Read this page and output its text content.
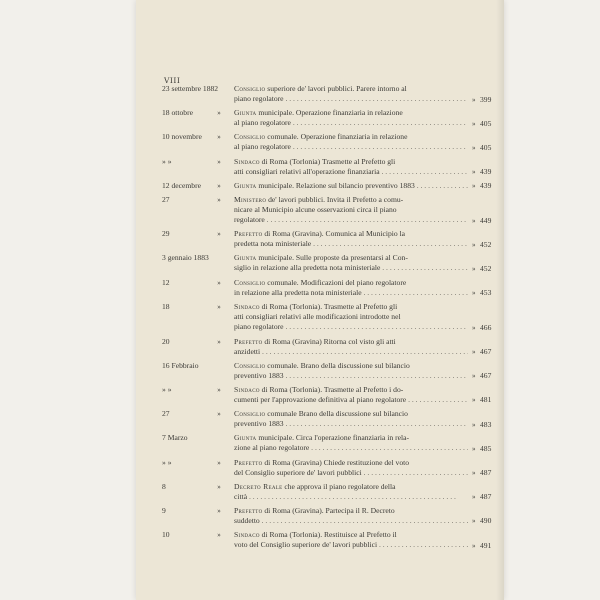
VIII
23 settembre 1882	Consiglio superiore de' lavori pubblici. Parere intorno al
piano regolatore . . .	» 399
18 ottobre	»	Giunta municipale. Operazione finanziaria in relazione
al piano regolatore . . .	» 405
10 novembre	»	Consiglio comunale. Operazione finanziaria in relazione
al piano regolatore . . .	» 405
» »	»	Sindaco di Roma (Torlonia) Trasmette al Prefetto gli
atti consigliari relativi all'operazione finanziaria . . .	» 439
12 decembre	»	Giunta municipale. Relazione sul bilancio preventivo 1883 . . .	» 439
27	»	Ministero de' lavori pubblici. Invita il Prefetto a comu-
nicare al Municipio alcune osservazioni circa il piano
regolatore . . .	» 449
29	»	Prefetto di Roma (Gravina). Comunica al Municipio la
predetta nota ministeriale . . .	» 452
3 gennaio 1883	Giunta municipale. Sulle proposte da presentarsi al Con-
siglio in relazione alla predetta nota ministeriale . . .	» 452
12	»	Consiglio comunale. Modificazioni del piano regolatore
in relazione alla predetta nota ministeriale . . .	» 453
18	»	Sindaco di Roma (Torlonia). Trasmette al Prefetto gli
atti consigliari relativi alle modificazioni introdotte nel
piano regolatore . . .	» 466
20	»	Prefetto di Roma (Gravina) Ritorna col visto gli atti
anzidetti . . .	» 467
16 Febbraio	Consiglio comunale. Brano della discussione sul bilancio
preventivo 1883 . . .	» 467
» »	»	Sindaco di Roma (Torlonia). Trasmette al Prefetto i do-
cumenti per l'approvazione definitiva al piano regolatore . . .	» 481
27	»	Consiglio comunale Brano della discussione sul bilancio
preventivo 1883 . . .	» 483
7 Marzo	Giunta municipale. Circa l'operazione finanziaria in rela-
zione al piano regolatore . . .	» 485
» »	»	Prefetto di Roma (Gravina) Chiede restituzione del voto
del Consiglio superiore de' lavori pubblici . . .	» 487
8	»	Decreto Reale che approva il piano regolatore della
città . . .	» 487
9	»	Prefetto di Roma (Gravina). Partecipa il R. Decreto
suddetto . . .	» 490
10	»	Sindaco di Roma (Torlonia). Restituisce al Prefetto il
voto del Consiglio superiore de' lavori pubblici . . .	» 491
